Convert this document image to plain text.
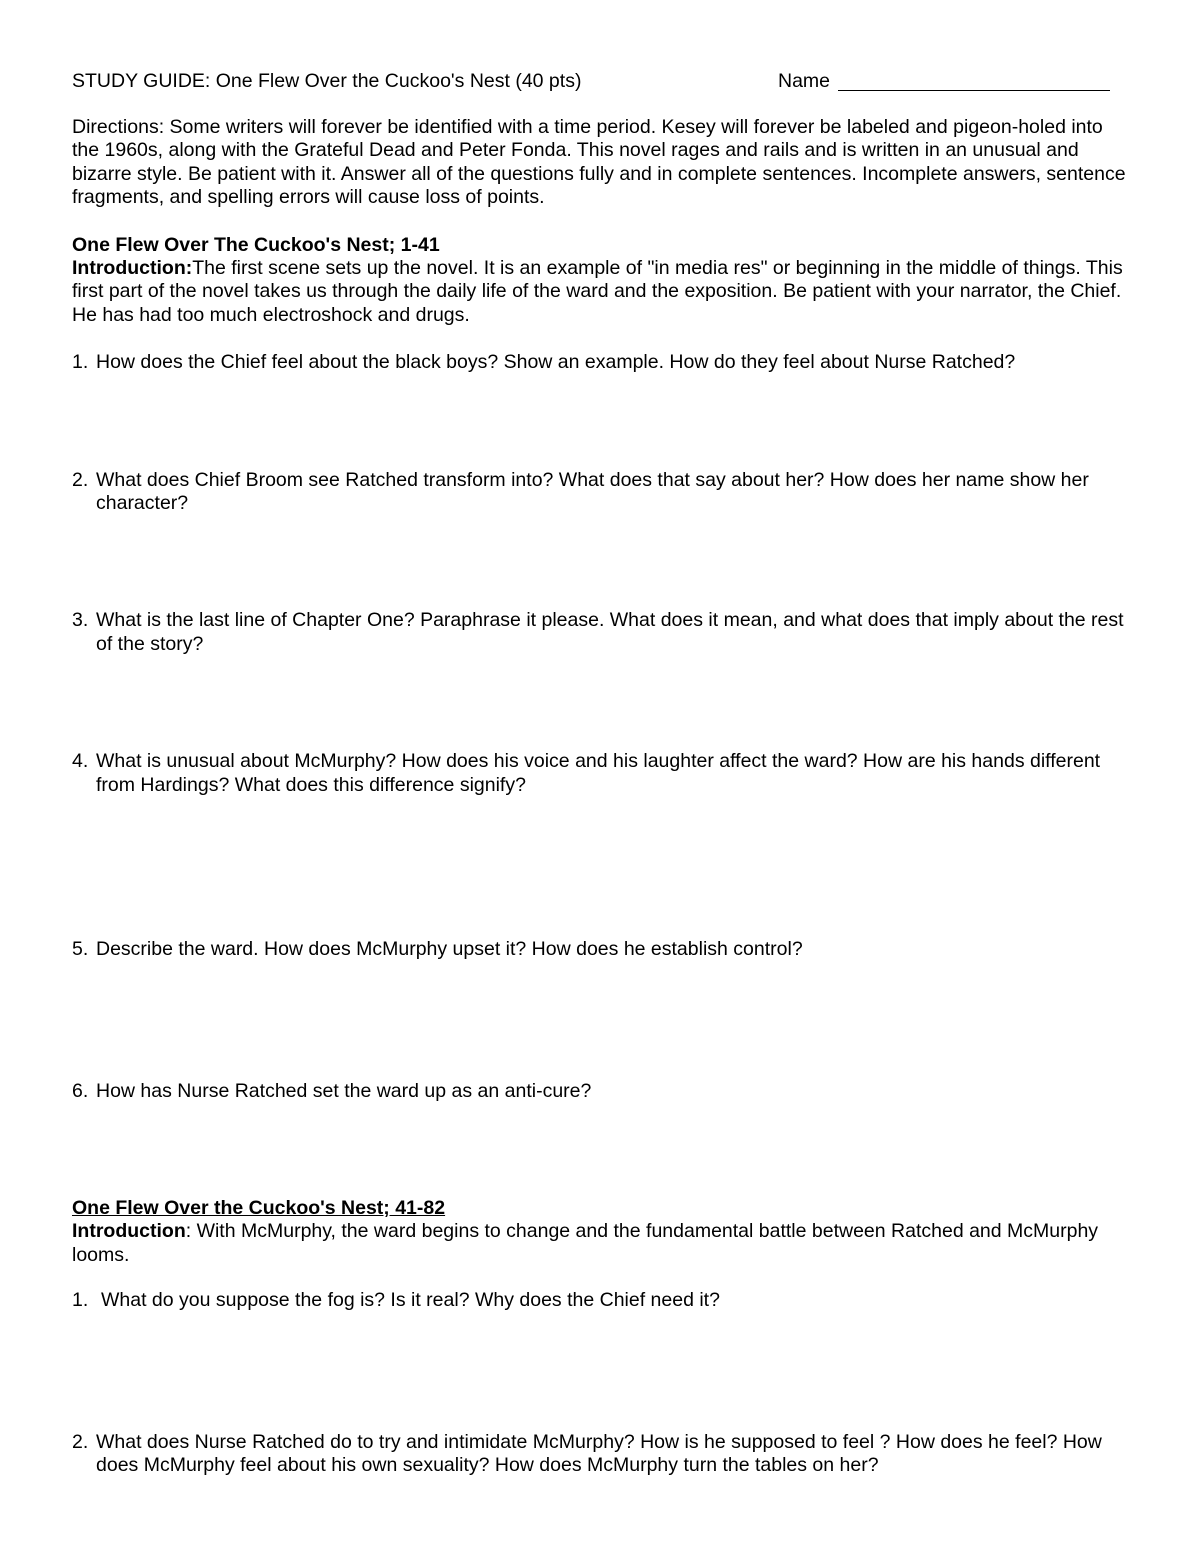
STUDY GUIDE: One Flew Over the Cuckoo's Nest (40 pts)	Name
Directions: Some writers will forever be identified with a time period. Kesey will forever be labeled and pigeon-holed into the 1960s, along with the Grateful Dead and Peter Fonda. This novel rages and rails and is written in an unusual and bizarre style. Be patient with it. Answer all of the questions fully and in complete sentences. Incomplete answers, sentence fragments, and spelling errors will cause loss of points.
One Flew Over The Cuckoo's Nest; 1-41
Introduction:The first scene sets up the novel. It is an example of "in media res" or beginning in the middle of things. This first part of the novel takes us through the daily life of the ward and the exposition. Be patient with your narrator, the Chief. He has had too much electroshock and drugs.
1. How does the Chief feel about the black boys? Show an example. How do they feel about Nurse Ratched?
2. What does Chief Broom see Ratched transform into? What does that say about her? How does her name show her character?
3. What is the last line of Chapter One? Paraphrase it please. What does it mean, and what does that imply about the rest of the story?
4. What is unusual about McMurphy? How does his voice and his laughter affect the ward? How are his hands different from Hardings? What does this difference signify?
5. Describe the ward. How does McMurphy upset it? How does he establish control?
6. How has Nurse Ratched set the ward up as an anti-cure?
One Flew Over the Cuckoo's Nest; 41-82
Introduction: With McMurphy, the ward begins to change and the fundamental battle between Ratched and McMurphy looms.
1. What do you suppose the fog is? Is it real? Why does the Chief need it?
2. What does Nurse Ratched do to try and intimidate McMurphy? How is he supposed to feel ? How does he feel? How does McMurphy feel about his own sexuality? How does McMurphy turn the tables on her?
